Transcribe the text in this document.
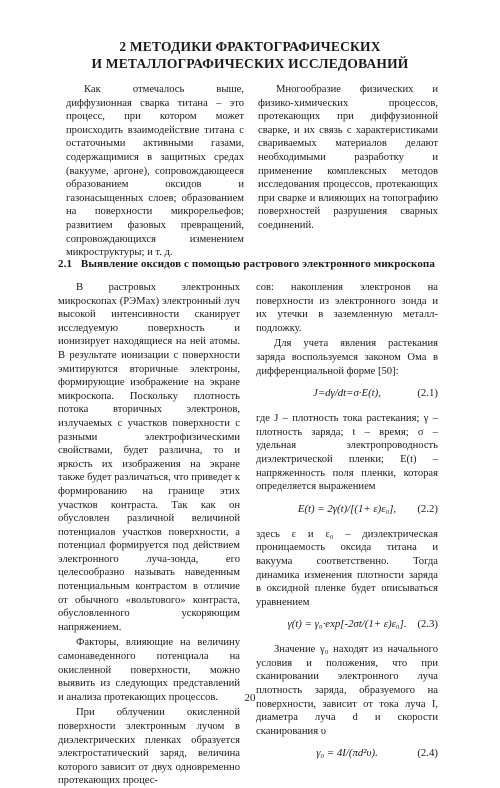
2 МЕТОДИКИ ФРАКТОГРАФИЧЕСКИХ
И МЕТАЛЛОГРАФИЧЕСКИХ ИССЛЕДОВАНИЙ

Как отмечалось выше, диффузионная сварка титана – это процесс, при котором может происходить взаимодействие титана с остаточными активными газами, содержащимися в защитных средах (вакууме, аргоне), сопровождающееся образованием оксидов и газонасыщенных слоев; образованием на поверхности микрорельефов; развитием фазовых превращений, сопровождающихся изменением микроструктуры; и т. д.

Многообразие физических и физико-химических процессов, протекающих при диффузионной сварке, и их связь с характеристиками свариваемых материалов делают необходимыми разработку и применение комплексных методов исследования процессов, протекающих при сварке и влияющих на топографию поверхностей разрушения сварных соединений.

2.1 Выявление оксидов с помощью растрового электронного микроскопа

В растровых электронных микроскопах (РЭМах) электронный луч высокой интенсивности сканирует исследуемую поверхность и ионизирует находящиеся на ней атомы. В результате ионизации с поверхности эмитируются вторичные электроны, формирующие изображение на экране микроскопа. Поскольку плотность потока вторичных электронов, излучаемых с участков поверхности с разными электрофизическими свойствами, будет различна, то и яркость их изображения на экране также будет различаться, что приведет к формированию на границе этих участков контраста. Так как он обусловлен различной величиной потенциалов участков поверхности, а потенциал формируется под действием электронного луча-зонда, его целесообразно называть наведенным потенциальным контрастом в отличие от обычного «вольтового» контраста, обусловленного ускоряющим напряжением.

Факторы, влияющие на величину самонаведенного потенциала на окисленной поверхности, можно выявить из следующих представлений и анализа протекающих процессов.

При облучении окисленной поверхности электронным лучом в диэлектрических пленках образуется электростатический заряд, величина которого зависит от двух одновременно протекающих процес-

сов: накопления электронов на поверхности из электронного зонда и их утечки в заземленную металл-подложку.

Для учета явления растекания заряда воспользуемся законом Ома в дифференциальной форме [50]:

J=dγ/dt=σ·E(t),	(2.1)

где J – плотность тока растекания; γ – плотность заряда; t – время; σ – удельная электропроводность диэлектрической пленки; E(t) – напряженность поля пленки, которая определяется выражением

E(t) = 2γ(t)/[(1+ ε)ε₀],	(2.2)

здесь ε и ε₀ – диэлектрическая проницаемость оксида титана и вакуума соответственно. Тогда динамика изменения плотности заряда в оксидной пленке будет описываться уравнением

γ(t) = γ₀·exp[-2σt/(1+ ε)ε₀]. (2.3)

Значение γ₀ находят из начального условия и положения, что при сканировании электронного луча плотность заряда, образуемого на поверхности, зависит от тока луча I, диаметра луча d и скорости сканирования υ

γ₀ = 4I/(πd²υ).	(2.4)
20
